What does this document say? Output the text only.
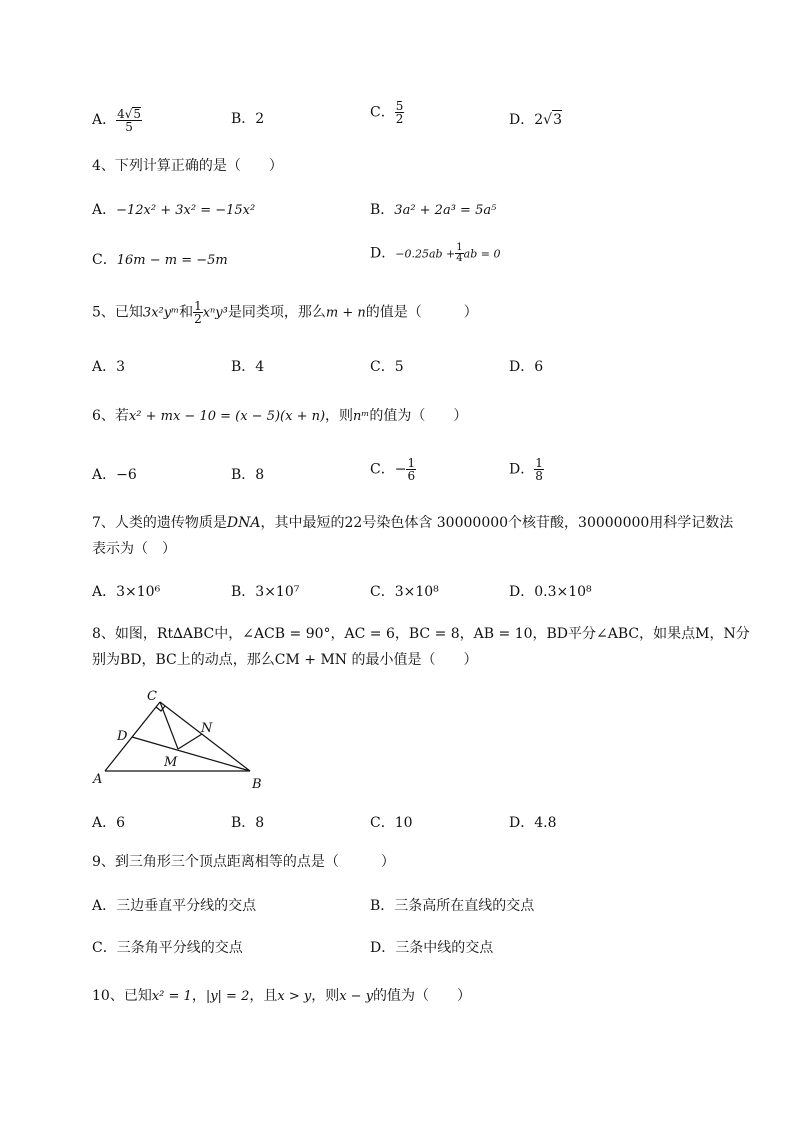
A． $\frac{4√5}{5}$	B．2	C． $\frac{5}{2}$	D．2√3
4、下列计算正确的是（　　）
A．−12x² + 3x² = −15x²	B．3a² + 2a³ = 5a⁵
C．16m − m = −5m	D．$-0.25ab + \frac{1}{4}$ ab = 0
5、已知3x²yᵐ和 $\frac{1}{2} x^ny^3$是同类项，那么m + n的值是（　　　）
A．3	B．4	C．5	D．6
6、若x² + mx − 10 = (x − 5)(x + n)，则nᵐ的值为（　　）
A．−6	B．8	C．− $\frac{1}{6}$	D． $\frac{1}{8}$
7、人类的遗传物质是DNA，其中最短的22号染色体含 30000000个核苷酸，30000000用科学记数法
表示为（　）
A．3×10⁶	B．3×10⁷	C．3×10⁸	D．0.3×10⁸
8、如图，Rt∆ABC中，∠ACB = 90°，AC = 6，BC = 8，AB = 10，BD平分∠ABC，如果点M，N分
别为BD，BC上的动点，那么CM + MN 的最小值是（　　）
C
D
N
M
A	B
A．6	B．8	C．10	D．4.8
9、到三角形三个顶点距离相等的点是（　　　）
A．三边垂直平分线的交点	B．三条高所在直线的交点
C．三条角平分线的交点	D．三条中线的交点
10、已知x² = 1，|y| = 2，且x > y，则x − y的值为（　　）
